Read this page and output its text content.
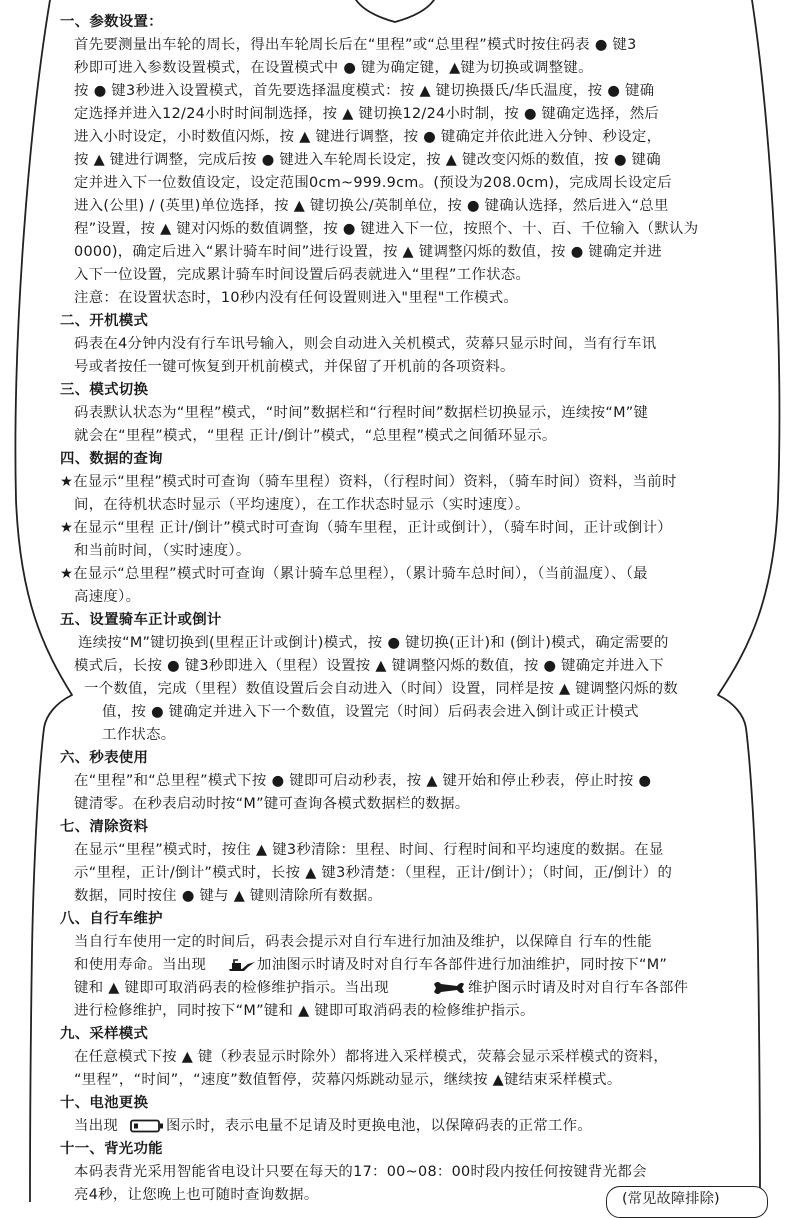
一、参数设置：
首先要测量出车轮的周长，得出车轮周长后在“里程”或“总里程”模式时按住码表 ● 键3
秒即可进入参数设置模式，在设置模式中 ● 键为确定键，▲键为切换或调整键。
按 ● 键3秒进入设置模式，首先要选择温度模式：按 ▲ 键切换摄氏/华氏温度，按 ● 键确
定选择并进入12/24小时时间制选择，按 ▲ 键切换12/24小时制，按 ● 键确定选择，然后
进入小时设定，小时数值闪烁，按 ▲ 键进行调整，按 ● 键确定并依此进入分钟、秒设定，
按 ▲ 键进行调整，完成后按 ● 键进入车轮周长设定，按 ▲ 键改变闪烁的数值，按 ● 键确
定并进入下一位数值设定，设定范围0cm~999.9cm。(预设为208.0cm)，完成周长设定后
进入(公里) / (英里)单位选择，按 ▲ 键切换公/英制单位，按 ● 键确认选择，然后进入“总里
程”设置，按 ▲ 键对闪烁的数值调整，按 ● 键进入下一位，按照个、十、百、千位输入（默认为
0000)，确定后进入“累计骑车时间”进行设置，按 ▲ 键调整闪烁的数值，按 ● 键确定并进
入下一位设置，完成累计骑车时间设置后码表就进入“里程”工作状态。
注意：在设置状态时，10秒内没有任何设置则进入"里程"工作模式。
二、开机模式
码表在4分钟内没有行车讯号输入，则会自动进入关机模式，荧幕只显示时间，当有行车讯
号或者按任一键可恢复到开机前模式，并保留了开机前的各项资料。
三、模式切换
码表默认状态为“里程”模式，“时间”数据栏和“行程时间”数据栏切换显示，连续按“M”键
就会在“里程”模式，“里程 正计/倒计”模式，“总里程”模式之间循环显示。
四、数据的查询
★在显示“里程”模式时可查询（骑车里程）资料，（行程时间）资料，（骑车时间）资料，当前时
间，在待机状态时显示（平均速度），在工作状态时显示（实时速度）。
★在显示“里程 正计/倒计”模式时可查询（骑车里程，正计或倒计），（骑车时间，正计或倒计）
和当前时间，（实时速度）。
★在显示“总里程”模式时可查询（累计骑车总里程），（累计骑车总时间），（当前温度）、（最
高速度）。
五、设置骑车正计或倒计
连续按“M”键切换到(里程正计或倒计)模式，按 ● 键切换(正计)和 (倒计)模式，确定需要的
模式后，长按 ● 键3秒即进入（里程）设置按 ▲ 键调整闪烁的数值，按 ● 键确定并进入下
一个数值，完成（里程）数值设置后会自动进入（时间）设置，同样是按 ▲ 键调整闪烁的数
值，按 ● 键确定并进入下一个数值，设置完（时间）后码表会进入倒计或正计模式
工作状态。
六、秒表使用
在“里程”和“总里程”模式下按 ● 键即可启动秒表，按 ▲ 键开始和停止秒表，停止时按 ●
键清零。在秒表启动时按“M”键可查询各模式数据栏的数据。
七、清除资料
在显示“里程”模式时，按住 ▲ 键3秒清除：里程、时间、行程时间和平均速度的数据。在显
示“里程，正计/倒计”模式时，长按 ▲ 键3秒清楚：（里程，正计/倒计）；（时间，正/倒计）的
数据，同时按住 ● 键与 ▲ 键则清除所有数据。
八、自行车维护
当自行车使用一定的时间后，码表会提示对自行车进行加油及维护，以保障自 行车的性能
和使用寿命。当出现	加油图示时请及时对自行车各部件进行加油维护，同时按下“M”
键和 ▲ 键即可取消码表的检修维护指示。当出现	维护图示时请及时对自行车各部件
进行检修维护，同时按下“M”键和 ▲ 键即可取消码表的检修维护指示。
九、采样模式
在任意模式下按 ▲ 键（秒表显示时除外）都将进入采样模式，荧幕会显示采样模式的资料，
“里程”，“时间”，“速度”数值暂停，荧幕闪烁跳动显示，继续按 ▲键结束采样模式。
十、电池更换
当出现	图示时，表示电量不足请及时更换电池，以保障码表的正常工作。
十一、背光功能
本码表背光采用智能省电设计只要在每天的17：00~08：00时段内按任何按键背光都会
亮4秒，让您晚上也可随时查询数据。	(常见故障排除)
